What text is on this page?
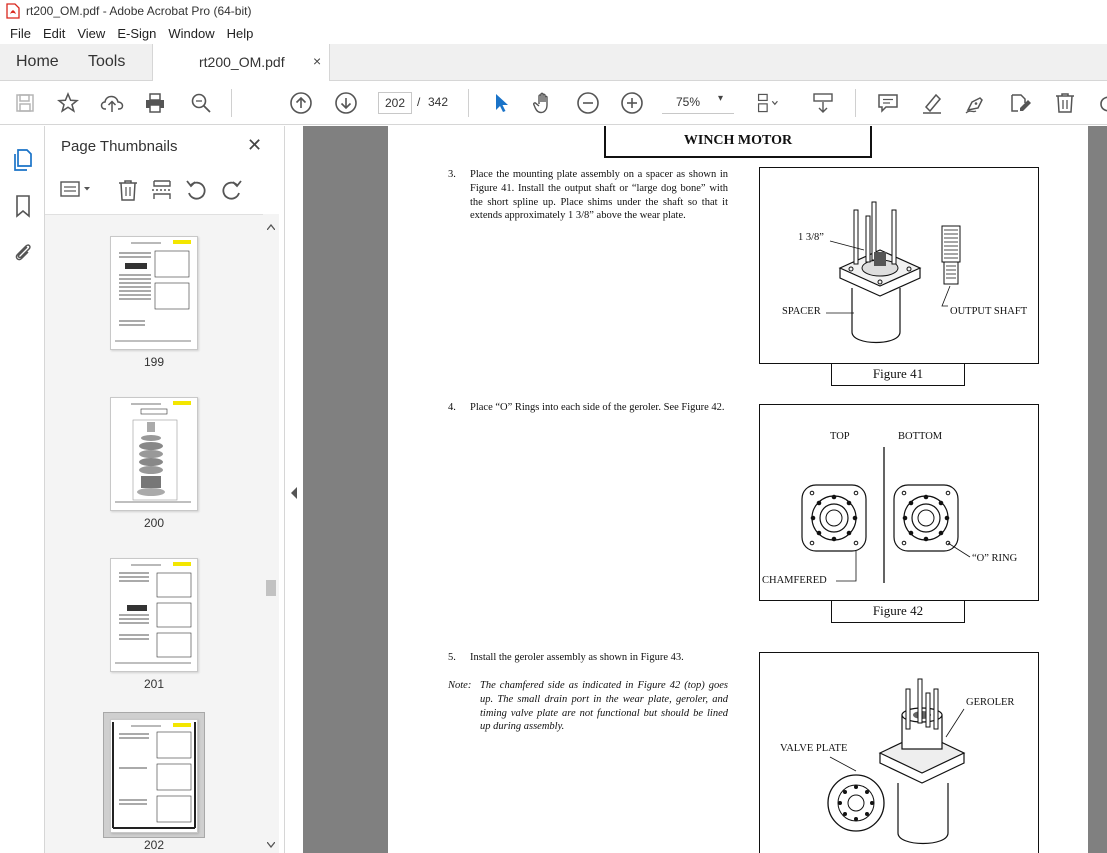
rt200_OM.pdf - Adobe Acrobat Pro (64-bit)
File Edit View E-Sign Window Help
Home Tools	rt200_OM.pdf ×
202 / 342	75% ▾
Page Thumbnails	✕
199
200
201
202
WINCH MOTOR
3. Place the mounting plate assembly on a spacer as shown in Figure 41. Install the output shaft or “large dog bone” with the short spline up. Place shims under the shaft so that it extends approximately 1 3/8” above the wear plate.
1 3/8”
SPACER	OUTPUT SHAFT
Figure 41
4. Place “O” Rings into each side of the geroler. See Figure 42.
TOP	BOTTOM
“O” RING
CHAMFERED
Figure 42
5. Install the geroler assembly as shown in Figure 43.
Note: The chamfered side as indicated in Figure 42 (top) goes up. The small drain port in the wear plate, geroler, and timing valve plate are not functional but should be lined up during assembly.
GEROLER
VALVE PLATE
